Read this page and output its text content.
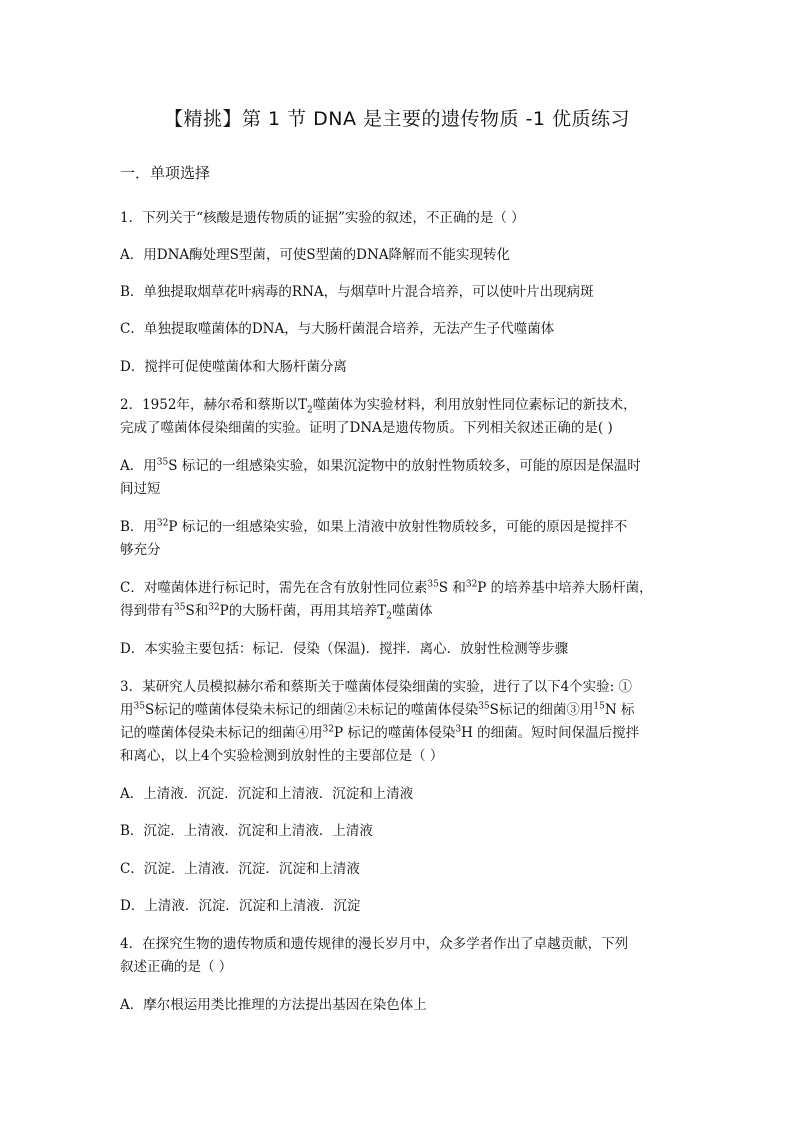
【精挑】第 1 节 DNA 是主要的遗传物质 -1 优质练习
一．单项选择
1．下列关于“核酸是遗传物质的证据”实验的叙述，不正确的是（ ）
A．用DNA酶处理S型菌，可使S型菌的DNA降解而不能实现转化
B．单独提取烟草花叶病毒的RNA，与烟草叶片混合培养，可以使叶片出现病斑
C．单独提取噬菌体的DNA，与大肠杆菌混合培养，无法产生子代噬菌体
D．搅拌可促使噬菌体和大肠杆菌分离
2．1952年，赫尔希和蔡斯以$T_2$噬菌体为实验材料，利用放射性同位素标记的新技术，
完成了噬菌体侵染细菌的实验。证明了DNA是遗传物质。下列相关叙述正确的是( )
A．用$^{35}$S 标记的一组感染实验，如果沉淀物中的放射性物质较多，可能的原因是保温时
间过短
B．用$^{32}$P 标记的一组感染实验，如果上清液中放射性物质较多，可能的原因是搅拌不
够充分
C．对噬菌体进行标记时，需先在含有放射性同位素$^{35}$S 和$^{32}$P 的培养基中培养大肠杆菌，
得到带有$^{35}$S和$^{32}$P的大肠杆菌，再用其培养$T_2$噬菌体
D．本实验主要包括：标记．侵染（保温)．搅拌．离心．放射性检测等步骤
3．某研究人员模拟赫尔希和蔡斯关于噬菌体侵染细菌的实验，进行了以下4个实验: ①
用$^{35}$S标记的噬菌体侵染未标记的细菌②未标记的噬菌体侵染$^{35}$S标记的细菌③用$^{15}$N 标
记的噬菌体侵染未标记的细菌④用$^{32}$P 标记的噬菌体侵染$^3$H 的细菌。短时间保温后搅拌
和离心，以上4个实验检测到放射性的主要部位是（ ）
A．上清液．沉淀．沉淀和上清液．沉淀和上清液
B．沉淀．上清液．沉淀和上清液．上清液
C．沉淀．上清液．沉淀．沉淀和上清液
D．上清液．沉淀．沉淀和上清液．沉淀
4．在探究生物的遗传物质和遗传规律的漫长岁月中，众多学者作出了卓越贡献，下列
叙述正确的是（ ）
A．摩尔根运用类比推理的方法提出基因在染色体上
